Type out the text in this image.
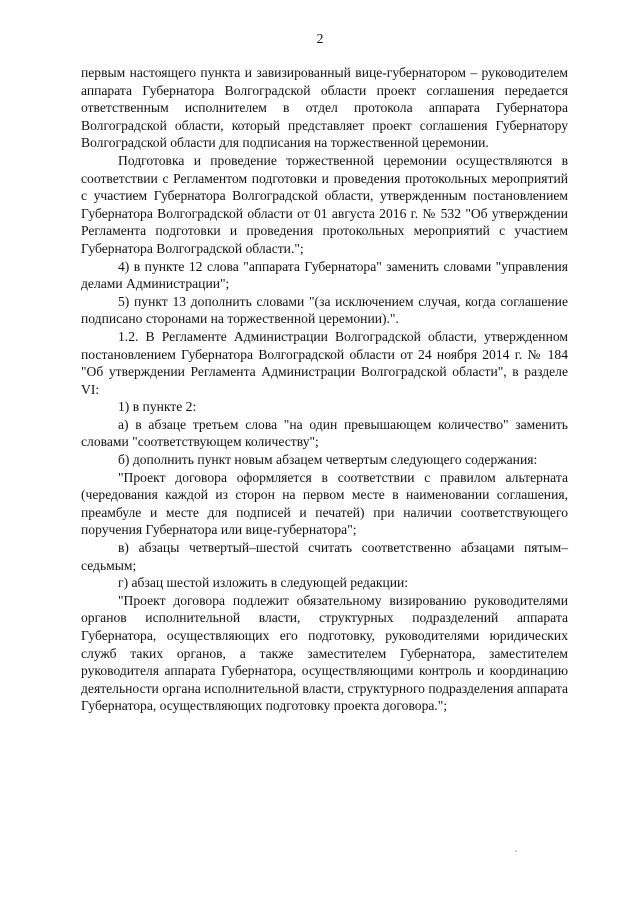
2

первым настоящего пункта и завизированный вице-губернатором – руководителем аппарата Губернатора Волгоградской области проект соглашения передается ответственным исполнителем в отдел протокола аппарата Губернатора Волгоградской области, который представляет проект соглашения Губернатору Волгоградской области для подписания на торжественной церемонии.

Подготовка и проведение торжественной церемонии осуществляются в соответствии с Регламентом подготовки и проведения протокольных мероприятий с участием Губернатора Волгоградской области, утвержденным постановлением Губернатора Волгоградской области от 01 августа 2016 г. № 532 "Об утверждении Регламента подготовки и проведения протокольных мероприятий с участием Губернатора Волгоградской области.";

4) в пункте 12 слова "аппарата Губернатора" заменить словами "управления делами Администрации";

5) пункт 13 дополнить словами "(за исключением случая, когда соглашение подписано сторонами на торжественной церемонии).".

1.2. В Регламенте Администрации Волгоградской области, утвержденном постановлением Губернатора Волгоградской области от 24 ноября 2014 г. № 184 "Об утверждении Регламента Администрации Волгоградской области", в разделе VI:

1) в пункте 2:

а) в абзаце третьем слова "на один превышающем количество" заменить словами "соответствующем количеству";

б) дополнить пункт новым абзацем четвертым следующего содержания:

"Проект договора оформляется в соответствии с правилом альтерната (чередования каждой из сторон на первом месте в наименовании соглашения, преамбуле и месте для подписей и печатей) при наличии соответствующего поручения Губернатора или вице-губернатора";

в) абзацы четвертый–шестой считать соответственно абзацами пятым–седьмым;

г) абзац шестой изложить в следующей редакции:

"Проект договора подлежит обязательному визированию руководителями органов исполнительной власти, структурных подразделений аппарата Губернатора, осуществляющих его подготовку, руководителями юридических служб таких органов, а также заместителем Губернатора, заместителем руководителя аппарата Губернатора, осуществляющими контроль и координацию деятельности органа исполнительной власти, структурного подразделения аппарата Губернатора, осуществляющих подготовку проекта договора.";
